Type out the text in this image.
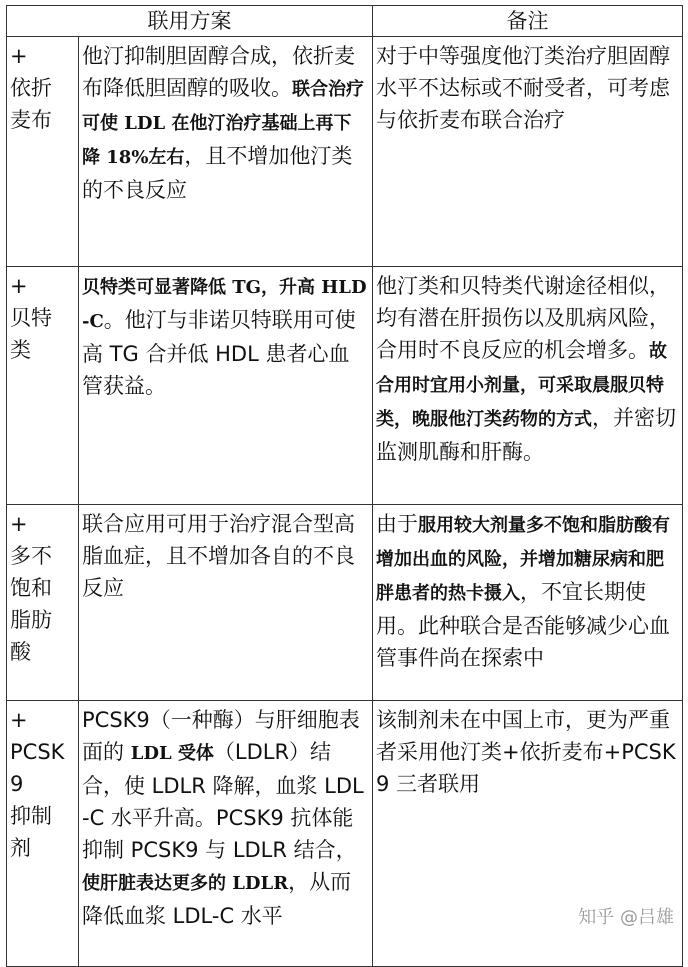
联用方案		备注

+
依折
麦布	他汀抑制胆固醇合成，依折麦布降低胆固醇的吸收。联合治疗可使 LDL 在他汀治疗基础上再下降 18%左右，且不增加他汀类的不良反应	对于中等强度他汀类治疗胆固醇水平不达标或不耐受者，可考虑与依折麦布联合治疗

+
贝特
类	贝特类可显著降低 TG，升高 HLD-C。他汀与非诺贝特联用可使高 TG 合并低 HDL 患者心血管获益。	他汀类和贝特类代谢途径相似，均有潜在肝损伤以及肌病风险，合用时不良反应的机会增多。故合用时宜用小剂量，可采取晨服贝特类，晚服他汀类药物的方式，并密切监测肌酶和肝酶。

+
多不
饱和
脂肪
酸	联合应用可用于治疗混合型高脂血症，且不增加各自的不良反应	由于服用较大剂量多不饱和脂肪酸有增加出血的风险，并增加糖尿病和肥胖患者的热卡摄入，不宜长期使用。此种联合是否能够减少心血管事件尚在探索中

+
PCSK9
抑制
剂	PCSK9（一种酶）与肝细胞表面的 LDL 受体（LDLR）结合，使 LDLR 降解，血浆 LDL-C 水平升高。PCSK9 抗体能抑制 PCSK9 与 LDLR 结合，使肝脏表达更多的 LDLR，从而降低血浆 LDL-C 水平	该制剂未在中国上市，更为严重者采用他汀类+依折麦布+PCSK9 三者联用
知乎 @吕雄
